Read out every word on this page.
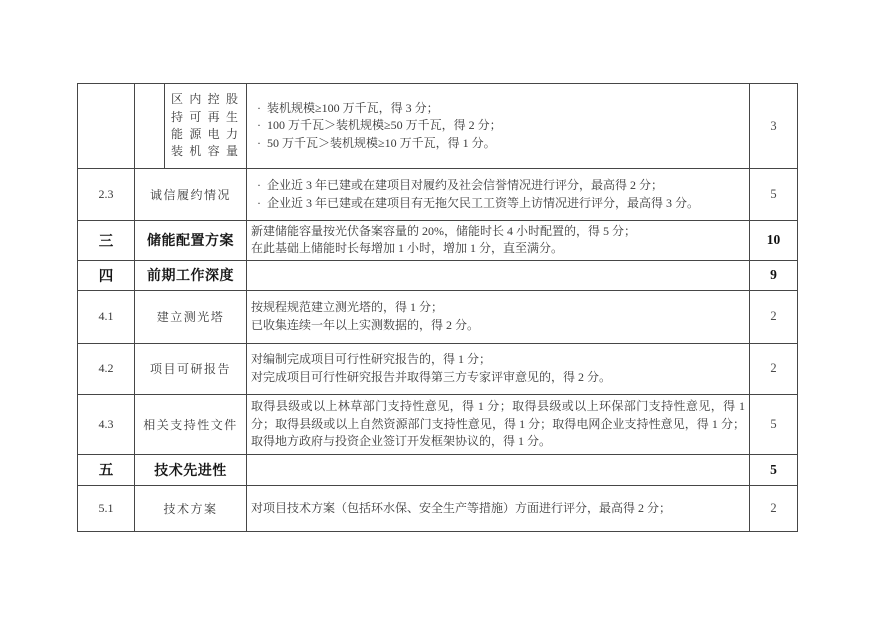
		区内控股持可再生能源电力装机容量	
· 装机规模≥100 万千瓦，得 3 分；
· 100 万千瓦＞装机规模≥50 万千瓦，得 2 分；
· 50 万千瓦＞装机规模≥10 万千瓦，得 1 分。
	3
2.3	诚信履约情况		· 企业近 3 年已建或在建项目对履约及社会信誉情况进行评分，最高得 2 分；
· 企业近 3 年已建或在建项目有无拖欠民工工资等上访情况进行评分，最高得 3 分。	5
三	储能配置方案		新建储能容量按光伏备案容量的 20%，储能时长 4 小时配置的，得 5 分；
在此基础上储能时长每增加 1 小时，增加 1 分，直至满分。	10
四	前期工作深度			9
4.1	建立测光塔		按规程规范建立测光塔的，得 1 分；
已收集连续一年以上实测数据的，得 2 分。	2
4.2	项目可研报告		对编制完成项目可行性研究报告的，得 1 分；
对完成项目可行性研究报告并取得第三方专家评审意见的，得 2 分。	2
4.3	相关支持性文件		取得县级或以上林草部门支持性意见，得 1 分；取得县级或以上环保部门支持性意见，得 1 分；取得县级或以上自然资源部门支持性意见，得 1 分；取得电网企业支持性意见，得 1 分；取得地方政府与投资企业签订开发框架协议的，得 1 分。	5
五	技术先进性			5
5.1	技术方案		对项目技术方案（包括环水保、安全生产等措施）方面进行评分，最高得 2 分；	2
